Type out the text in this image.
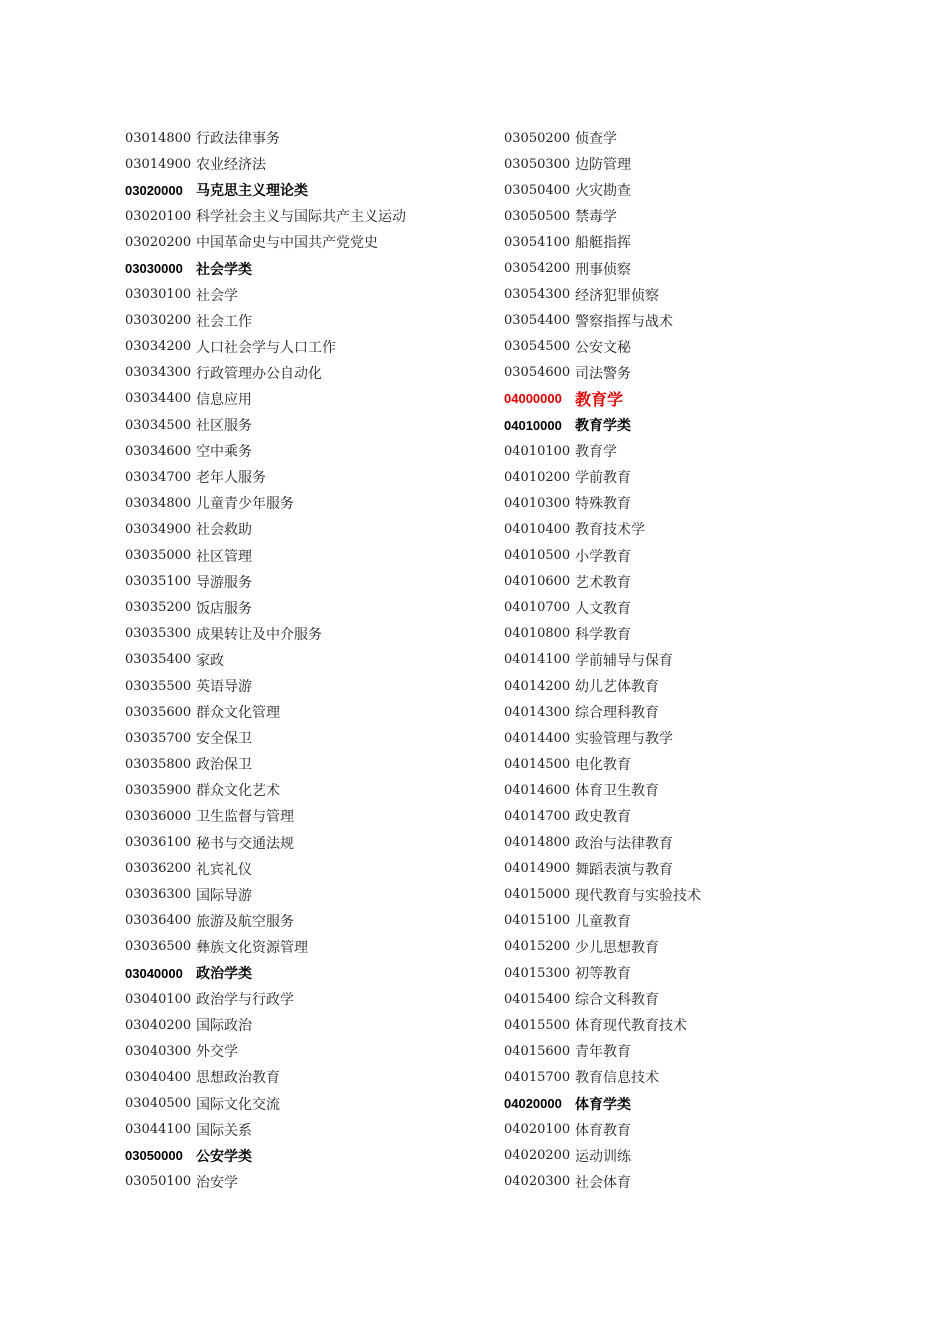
03014800 行政法律事务
03014900 农业经济法
03020000 马克思主义理论类
03020100 科学社会主义与国际共产主义运动
03020200 中国革命史与中国共产党党史
03030000 社会学类
03030100 社会学
03030200 社会工作
03034200 人口社会学与人口工作
03034300 行政管理办公自动化
03034400 信息应用
03034500 社区服务
03034600 空中乘务
03034700 老年人服务
03034800 儿童青少年服务
03034900 社会救助
03035000 社区管理
03035100 导游服务
03035200 饭店服务
03035300 成果转让及中介服务
03035400 家政
03035500 英语导游
03035600 群众文化管理
03035700 安全保卫
03035800 政治保卫
03035900 群众文化艺术
03036000 卫生监督与管理
03036100 秘书与交通法规
03036200 礼宾礼仪
03036300 国际导游
03036400 旅游及航空服务
03036500 彝族文化资源管理
03040000 政治学类
03040100 政治学与行政学
03040200 国际政治
03040300 外交学
03040400 思想政治教育
03040500 国际文化交流
03044100 国际关系
03050000 公安学类
03050100 治安学
03050200 侦查学
03050300 边防管理
03050400 火灾勘查
03050500 禁毒学
03054100 船艇指挥
03054200 刑事侦察
03054300 经济犯罪侦察
03054400 警察指挥与战术
03054500 公安文秘
03054600 司法警务
04000000 教育学
04010000 教育学类
04010100 教育学
04010200 学前教育
04010300 特殊教育
04010400 教育技术学
04010500 小学教育
04010600 艺术教育
04010700 人文教育
04010800 科学教育
04014100 学前辅导与保育
04014200 幼儿艺体教育
04014300 综合理科教育
04014400 实验管理与教学
04014500 电化教育
04014600 体育卫生教育
04014700 政史教育
04014800 政治与法律教育
04014900 舞蹈表演与教育
04015000 现代教育与实验技术
04015100 儿童教育
04015200 少儿思想教育
04015300 初等教育
04015400 综合文科教育
04015500 体育现代教育技术
04015600 青年教育
04015700 教育信息技术
04020000 体育学类
04020100 体育教育
04020200 运动训练
04020300 社会体育
